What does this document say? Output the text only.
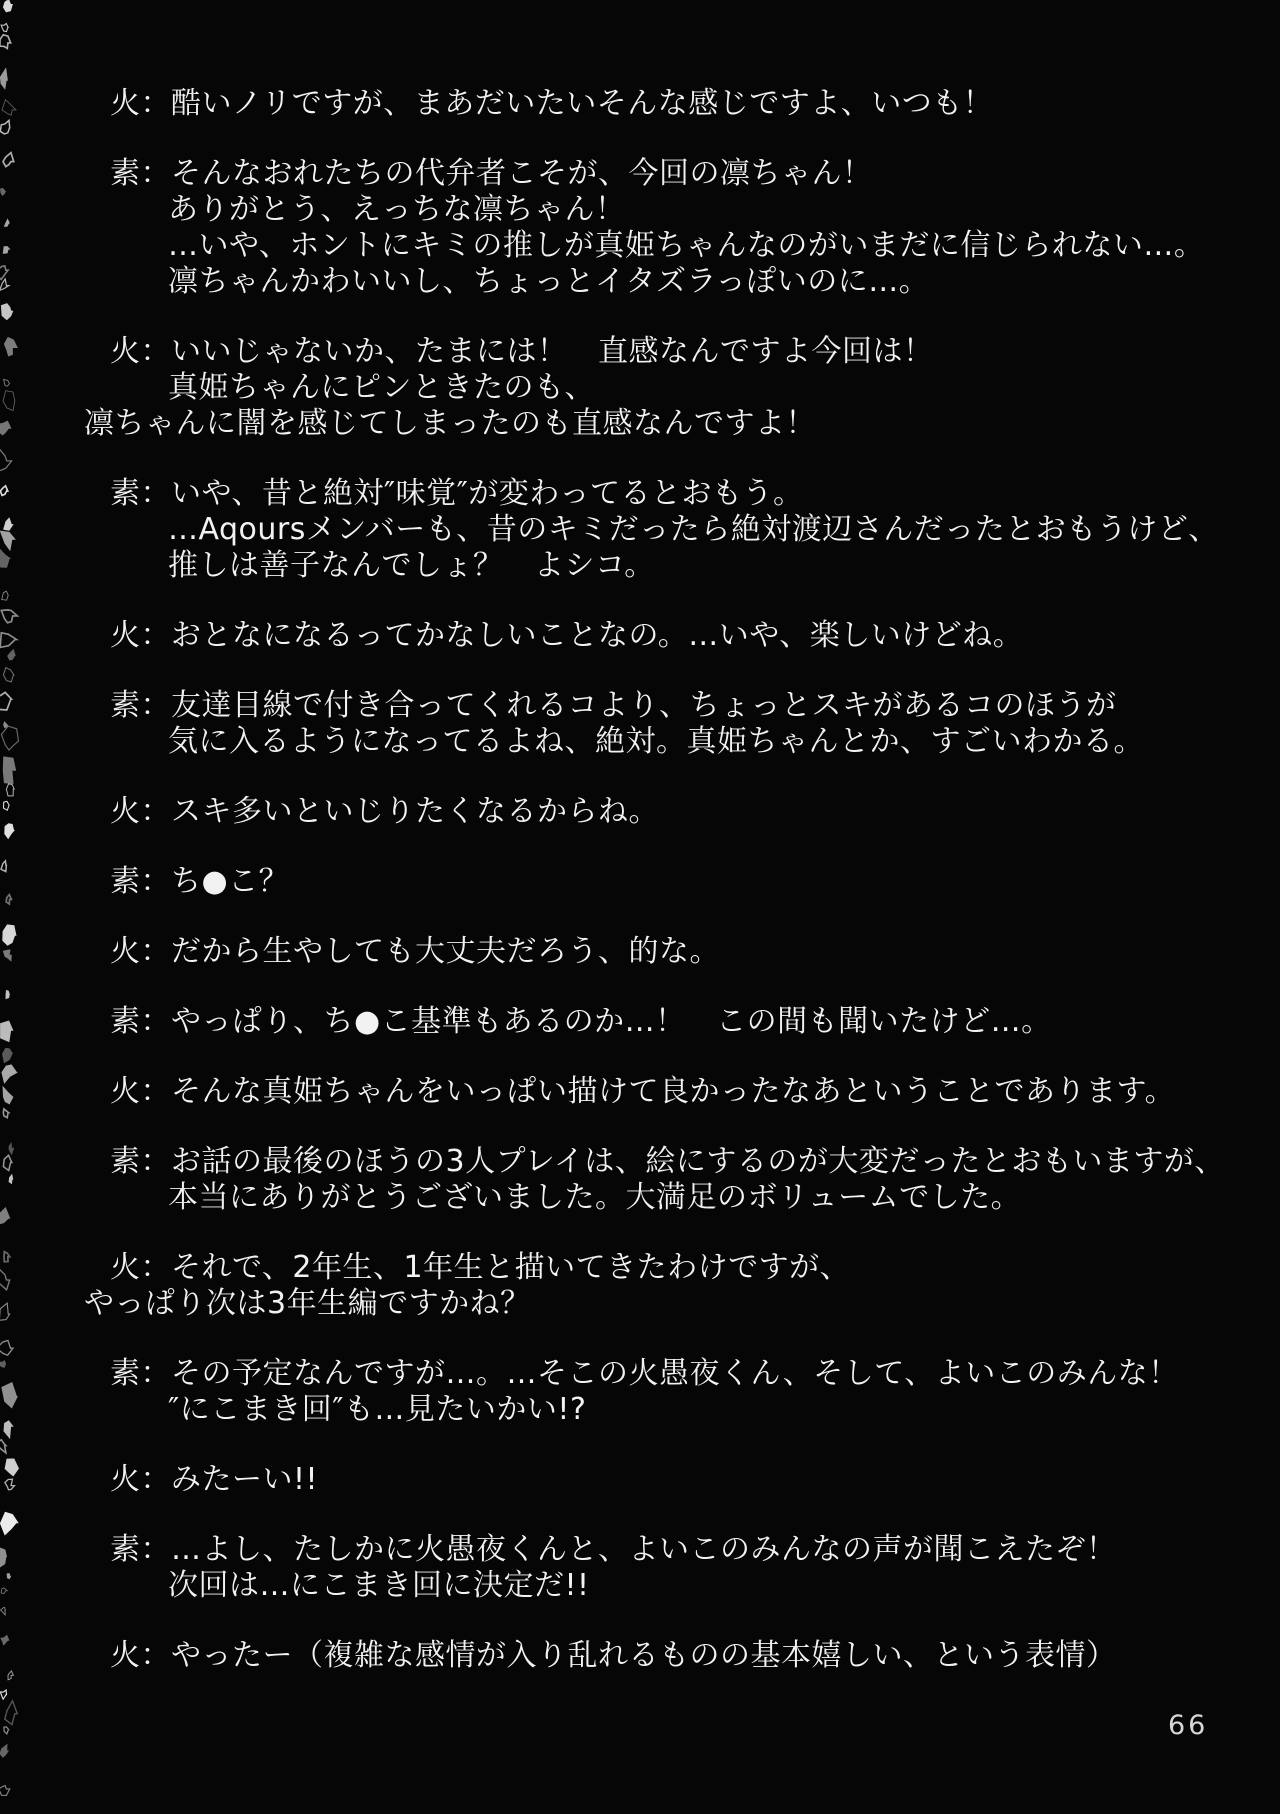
火：酷いノリですが、まあだいたいそんな感じですよ、いつも！
素：そんなおれたちの代弁者こそが、今回の凛ちゃん！
ありがとう、えっちな凛ちゃん！
…いや、ホントにキミの推しが真姫ちゃんなのがいまだに信じられない…。
凛ちゃんかわいいし、ちょっとイタズラっぽいのに…。
火：いいじゃないか、たまには！　直感なんですよ今回は！
真姫ちゃんにピンときたのも、
凛ちゃんに闇を感じてしまったのも直感なんですよ！
素：いや、昔と絶対″味覚″が変わってるとおもう。
…Aqoursメンバーも、昔のキミだったら絶対渡辺さんだったとおもうけど、
推しは善子なんでしょ？　よシコ。
火：おとなになるってかなしいことなの。…いや、楽しいけどね。
素：友達目線で付き合ってくれるコより、ちょっとスキがあるコのほうが
気に入るようになってるよね、絶対。真姫ちゃんとか、すごいわかる。
火：スキ多いといじりたくなるからね。
素：ち●こ？
火：だから生やしても大丈夫だろう、的な。
素：やっぱり、ち●こ基準もあるのか…！　この間も聞いたけど…。
火：そんな真姫ちゃんをいっぱい描けて良かったなあということであります。
素：お話の最後のほうの3人プレイは、絵にするのが大変だったとおもいますが、
本当にありがとうございました。大満足のボリュームでした。
火：それで、2年生、1年生と描いてきたわけですが、
やっぱり次は3年生編ですかね？
素：その予定なんですが…。…そこの火愚夜くん、そして、よいこのみんな！
″にこまき回″も…見たいかい!?
火：みたーい!!
素：…よし、たしかに火愚夜くんと、よいこのみんなの声が聞こえたぞ！
次回は…にこまき回に決定だ!!
火：やったー（複雑な感情が入り乱れるものの基本嬉しい、という表情）
66
